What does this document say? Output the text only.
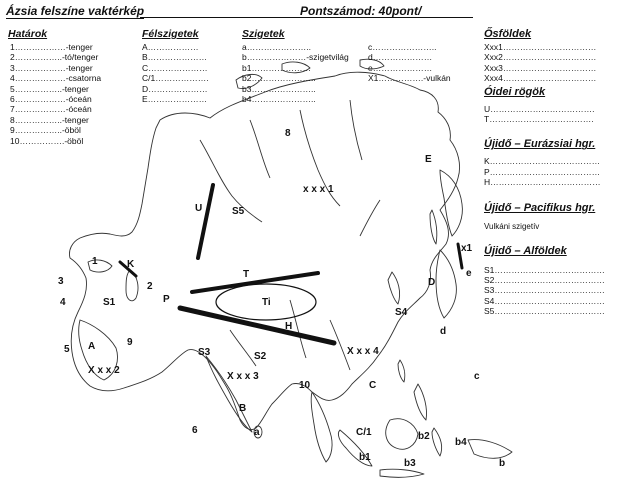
Ázsia felszíne vaktérkép	Pontszámod: 40pont/
Határok
1………………-tenger
2……………..-tó/tenger
3………………-tenger
4………………-csatorna
5……………..-tenger
6………………-óceán
7………………-óceán
8……………..-tenger
9……………..-öböl
10…………….-öböl
Félszigetek
A………………
B…………………
C…………………
C/1……………….
D…………………
E…………………
Szigetek
a…………………..
b…………………-szigetvilág
b1…………………
b2…………………..
b3…………………..
b4…………………..
c…………………..
d…………………
e…………………
X1…………….-vulkán
Ősföldek
Xxx1……………………………
Xxx2……………………………
Xxx3……………………………
Xxx4……………………………
Óidei rögök
U……………………………….
T……………………………….
Újidő – Eurázsiai hgr.
K…………………………………
P…………………………………
H…………………………………
Újidő – Pacifikus hgr.
Vulkáni szigetív
Újidő – Alföldek
S1…………………………………
S2…………………………………
S3…………………………………
S4…………………………………
S5…………………………………
8
E
x x x 1
U	S5
x1
e
1	K
3	2
T
D
4	S1	P	Ti
S4
H	d
5 A	9
S3	S2	X x x 4
X x x 2
X x x 3	c
10	C
B
6	a	C/1	b2
b4
b1
b3	b
